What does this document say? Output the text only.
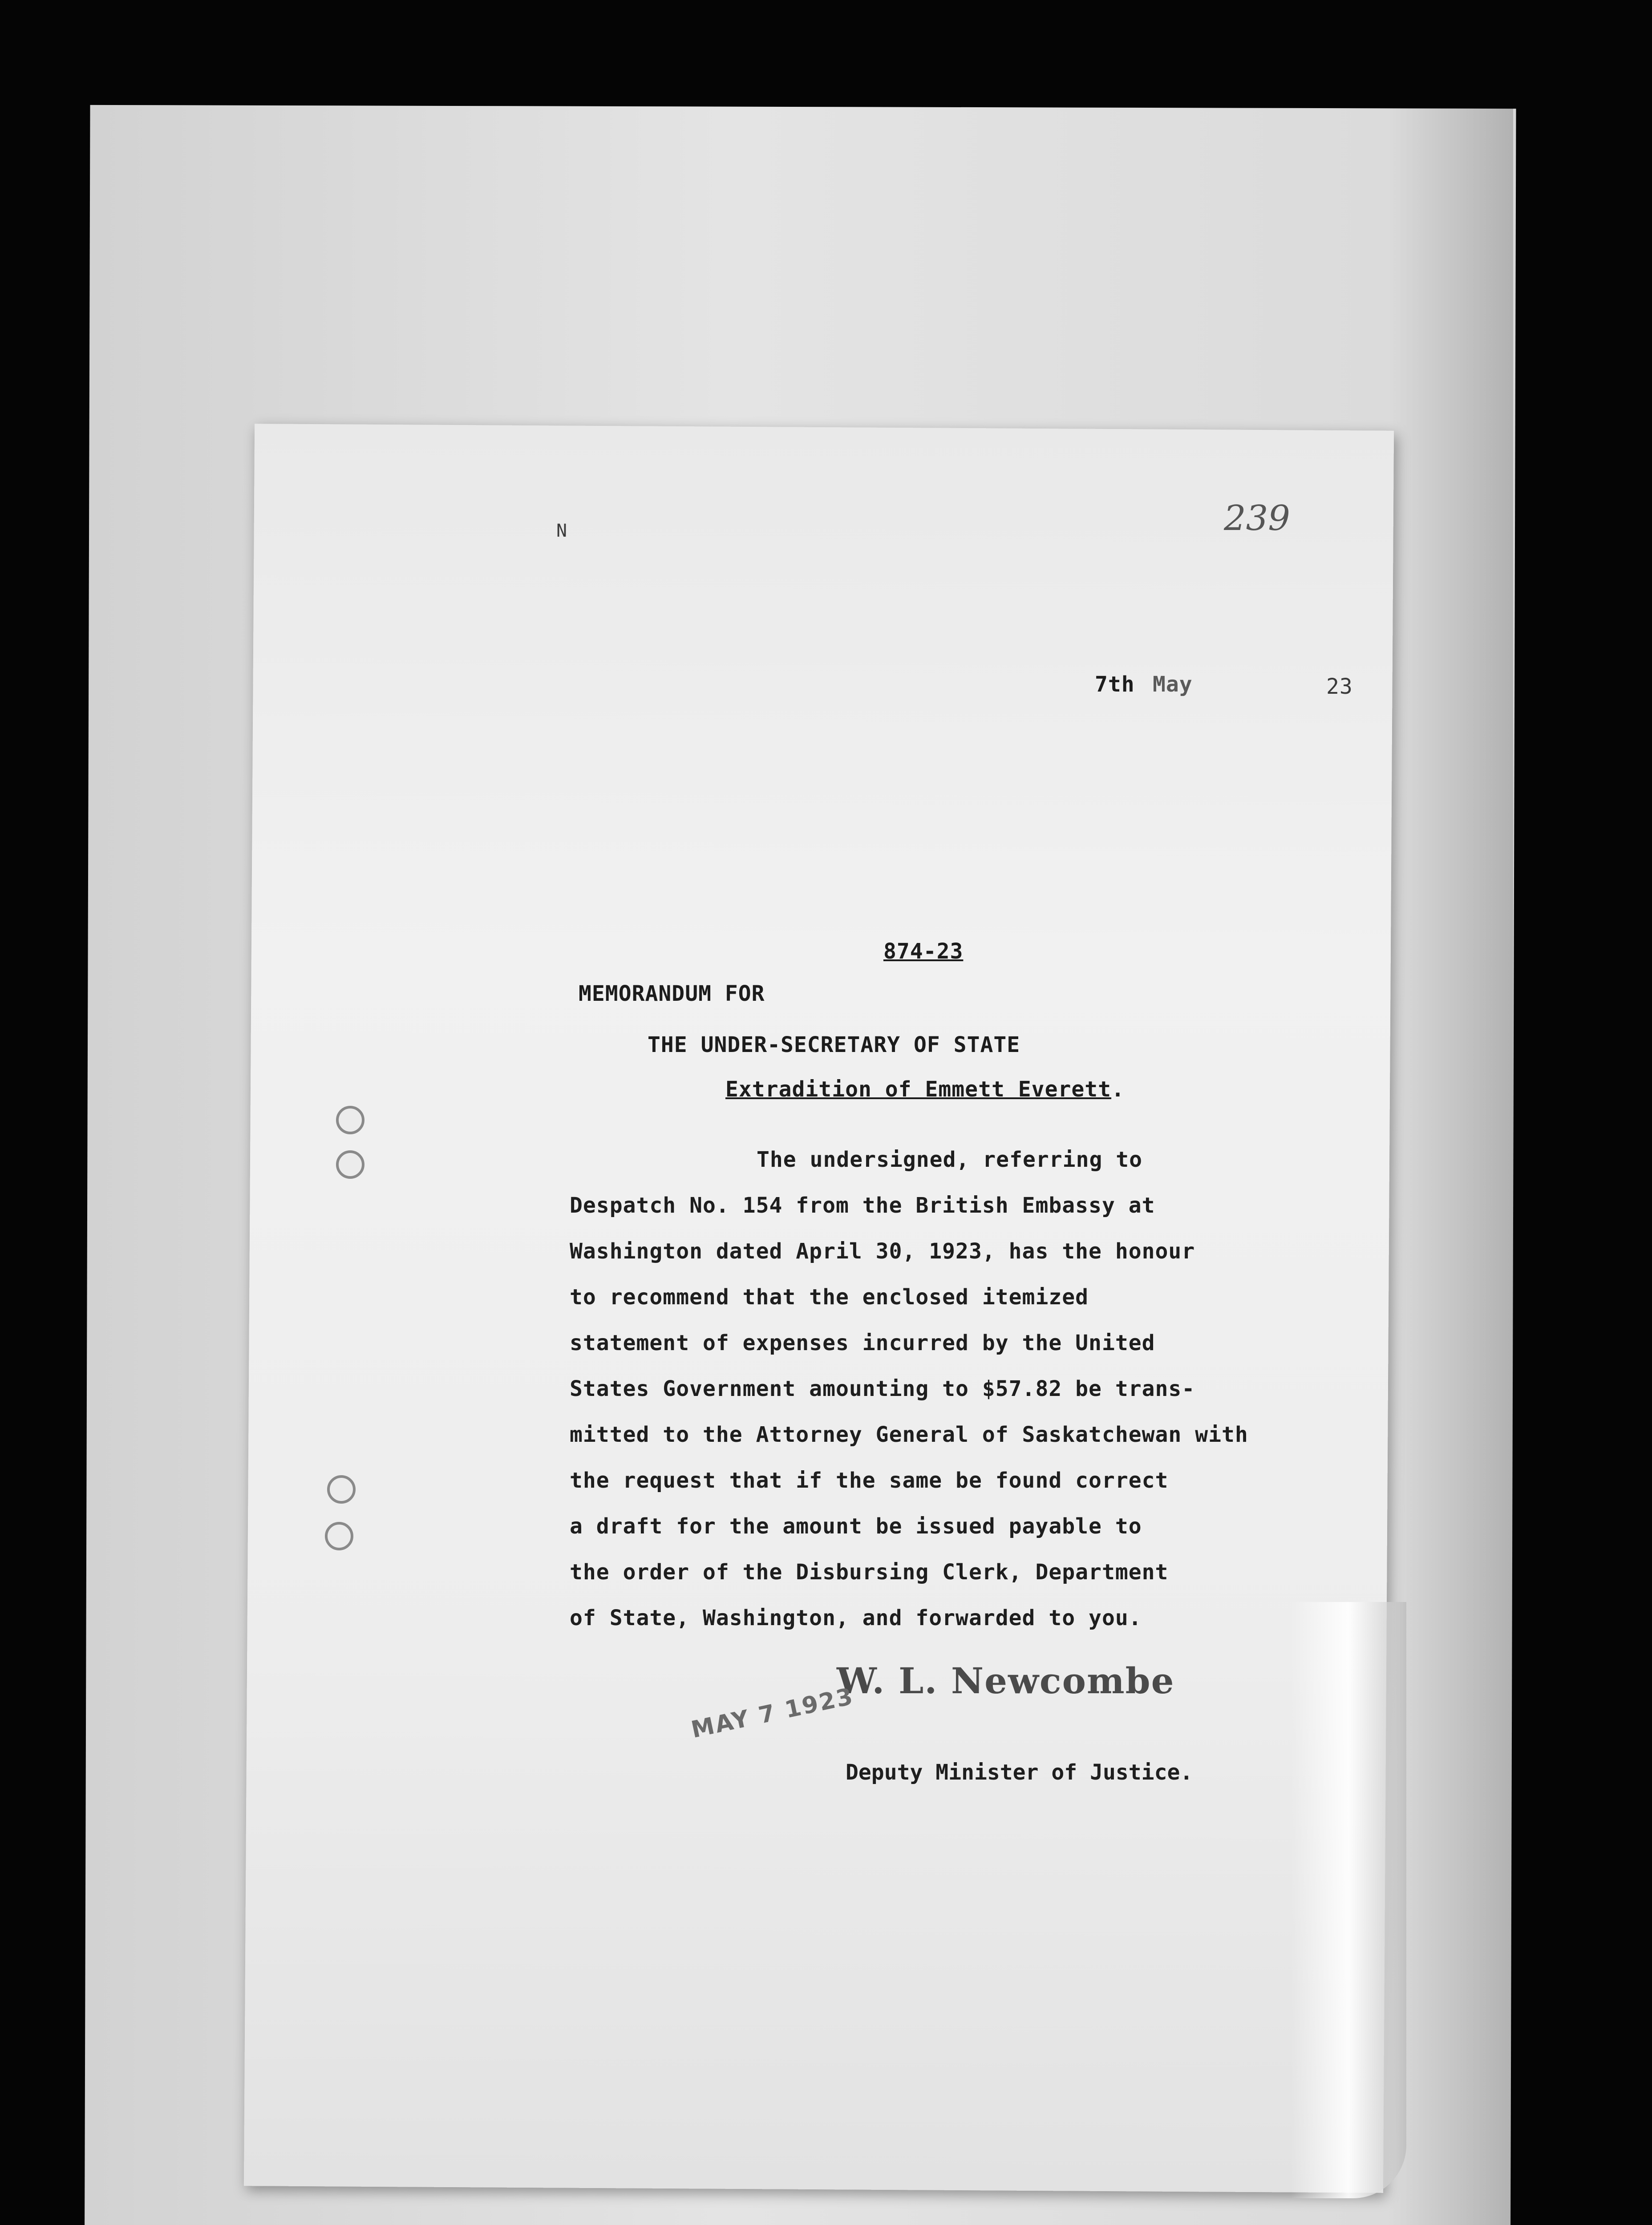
N	239
7th May	23
874-23
MEMORANDUM FOR
THE UNDER-SECRETARY OF STATE
Extradition of Emmett Everett.
The undersigned, referring to
Despatch No. 154 from the British Embassy at
Washington dated April 30, 1923, has the honour
to recommend that the enclosed itemized
statement of expenses incurred by the United
States Government amounting to $57.82 be trans-
mitted to the Attorney General of Saskatchewan with
the request that if the same be found correct
a draft for the amount be issued payable to
the order of the Disbursing Clerk, Department
of State, Washington, and forwarded to you.
W. L. Newcombe
MAY 7 1923
Deputy Minister of Justice.
